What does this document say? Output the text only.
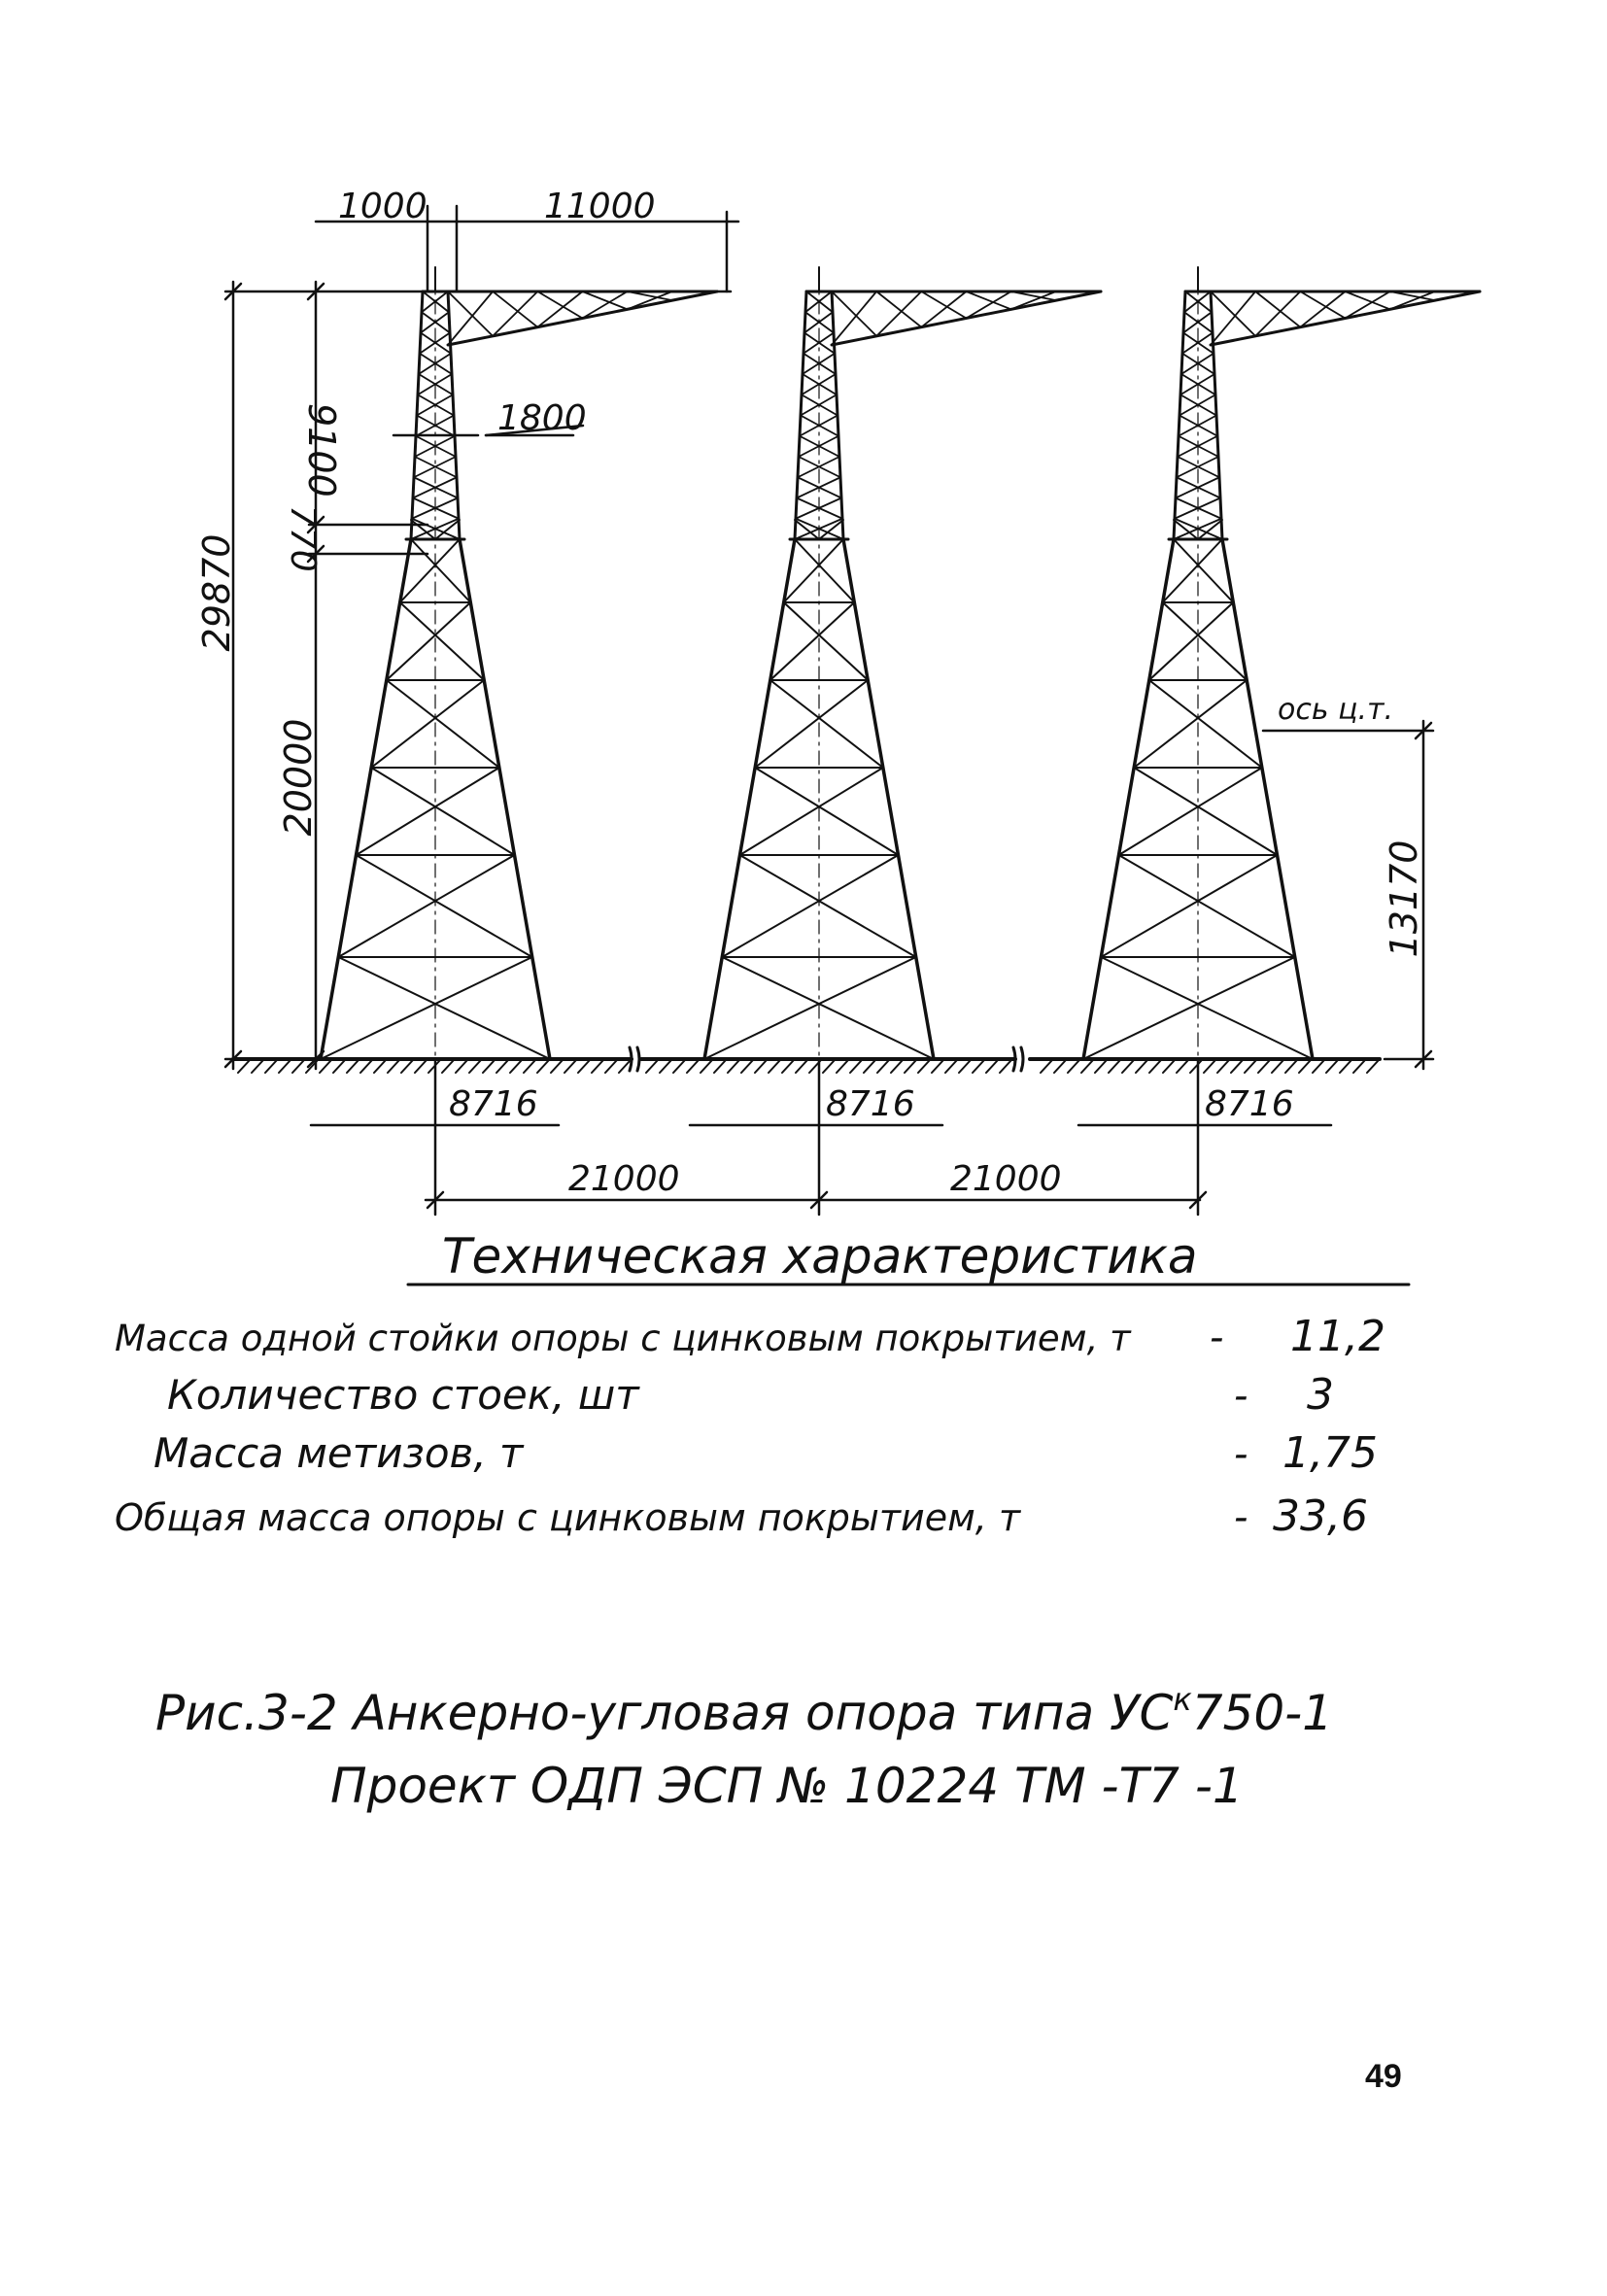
1000	11000
1800
9100
770
29870
20000
13170
ось ц.т.
8716	8716	8716
21000	21000
Техническая характеристика
Масса одной стойки опоры с цинковым покрытием, т - 11,2
Количество стоек, шт	- 3
Масса метизов, т	- 1,75
Общая масса опоры с цинковым покрытием, т	- 33,6
Рис.3-2 Анкерно-угловая опора типа $УС^к750-1$
Проект ОДП ЭСП № 10224 ТМ -Т7 -1
49
